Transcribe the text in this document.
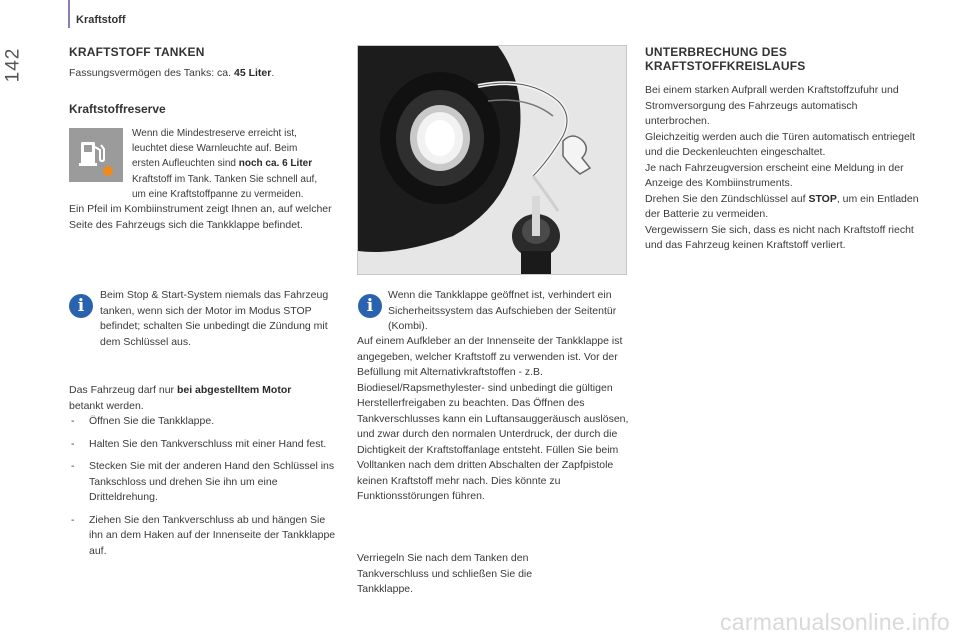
Kraftstoff
142	KRAFTSTOFF TANKEN

Fassungsvermögen des Tanks: ca. 45 Liter.

Kraftstoffreserve

Wenn die Mindestreserve erreicht ist,

leuchtet diese Warnleuchte auf. Beim

ersten Aufleuchten sind noch ca. 6 Liter

Kraftstoff im Tank. Tanken Sie schnell auf,

um eine Kraftstoffpanne zu vermeiden.

Ein Pfeil im Kombiinstrument zeigt Ihnen an, auf welcher Seite des Fahrzeugs sich die Tankklappe befindet.

i

Beim Stop & Start-System niemals das Fahrzeug tanken, wenn sich der Motor im Modus STOP befindet; schalten Sie unbedingt die Zündung mit dem Schlüssel aus.

Das Fahrzeug darf nur bei abgestelltem Motor betankt werden.

- Öffnen Sie die Tankklappe.
- Halten Sie den Tankverschluss mit einer Hand fest.
- Stecken Sie mit der anderen Hand den Schlüssel ins Tankschloss und drehen Sie ihn um eine Dritteldrehung.
- Ziehen Sie den Tankverschluss ab und hängen Sie ihn an dem Haken auf der Innenseite der Tankklappe auf.
i

Wenn die Tankklappe geöffnet ist, verhindert ein Sicherheitssystem das Aufschieben der Seitentür (Kombi).

Auf einem Aufkleber an der Innenseite der Tankklappe ist angegeben, welcher Kraftstoff zu verwenden ist. Vor der Befüllung mit Alternativkraftstoffen - z.B. Biodiesel/Rapsmethylester- sind unbedingt die gültigen Herstellerfreigaben zu beachten. Das Öffnen des Tankverschlusses kann ein Luftansauggeräusch auslösen, und zwar durch den normalen Unterdruck, der durch die Dichtigkeit der Kraftstoffanlage entsteht. Füllen Sie beim Volltanken nach dem dritten Abschalten der Zapfpistole keinen Kraftstoff mehr nach. Dies könnte zu Funktionsstörungen führen.

Verriegeln Sie nach dem Tanken den Tankverschluss und schließen Sie die Tankklappe.

UNTERBRECHUNG DES
KRAFTSTOFFKREISLAUFS

Bei einem starken Aufprall werden Kraftstoffzufuhr und Stromversorgung des Fahrzeugs automatisch unterbrochen.

Gleichzeitig werden auch die Türen automatisch entriegelt und die Deckenleuchten eingeschaltet.

Je nach Fahrzeugversion erscheint eine Meldung in der Anzeige des Kombiinstruments.

Drehen Sie den Zündschlüssel auf STOP, um ein Entladen der Batterie zu vermeiden.

Vergewissern Sie sich, dass es nicht nach Kraftstoff riecht und das Fahrzeug keinen Kraftstoff verliert.

carmanualsonline.info
